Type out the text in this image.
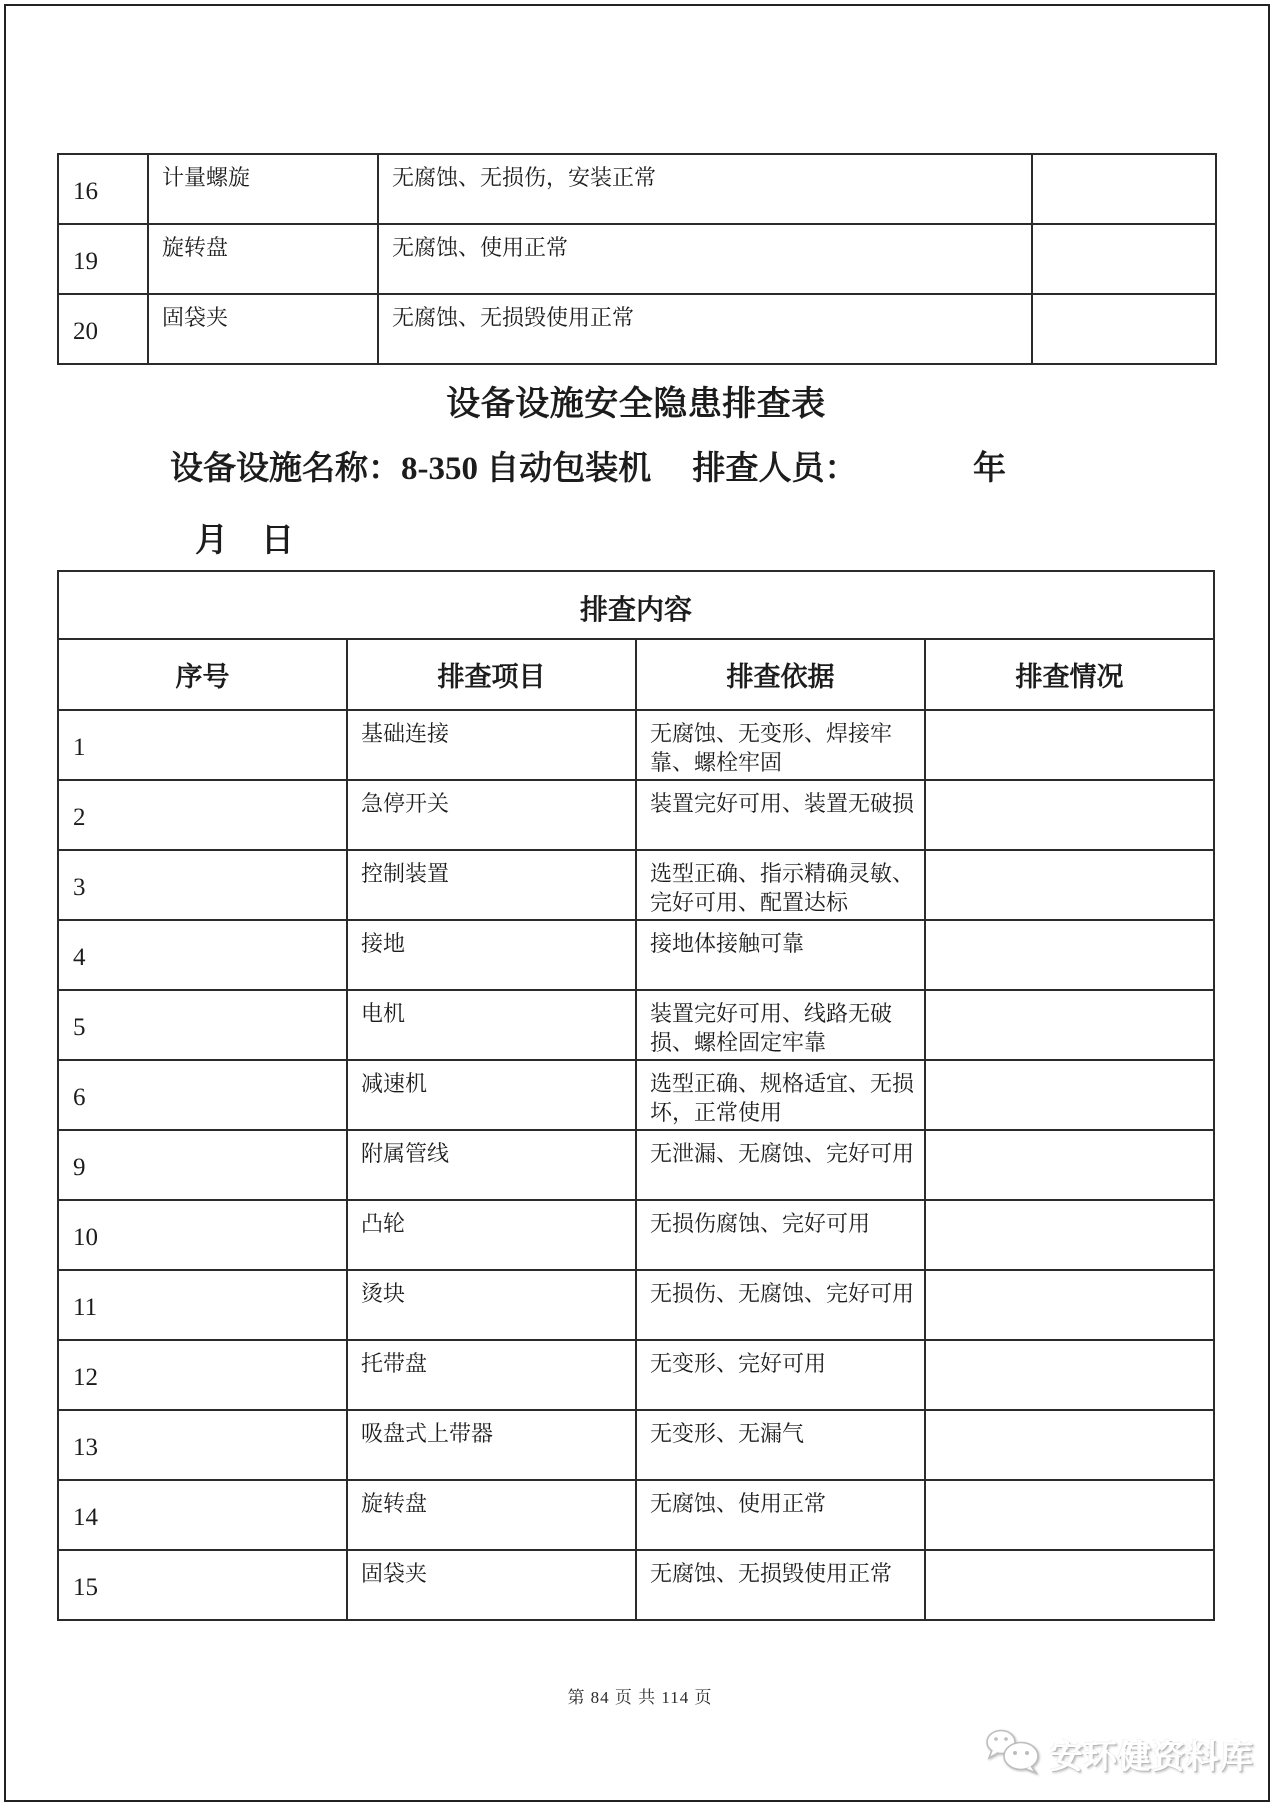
16	计量螺旋	无腐蚀、无损伤，安装正常	
19	旋转盘	无腐蚀、使用正常	
20	固袋夹	无腐蚀、无损毁使用正常	
设备设施安全隐患排查表
设备设施名称：8-350 自动包装机　 排查人员：　　　　年
月　日
排查内容			
序号	排查项目	排查依据	排查情况
1	基础连接	无腐蚀、无变形、焊接牢靠、螺栓牢固	
2	急停开关	装置完好可用、装置无破损	
3	控制装置	选型正确、指示精确灵敏、完好可用、配置达标	
4	接地	接地体接触可靠	
5	电机	装置完好可用、线路无破损、螺栓固定牢靠	
6	减速机	选型正确、规格适宜、无损坏，正常使用	
9	附属管线	无泄漏、无腐蚀、完好可用	
10	凸轮	无损伤腐蚀、完好可用	
11	烫块	无损伤、无腐蚀、完好可用	
12	托带盘	无变形、完好可用	
13	吸盘式上带器	无变形、无漏气	
14	旋转盘	无腐蚀、使用正常	
15	固袋夹	无腐蚀、无损毁使用正常	
第 84 页 共 114 页
安环健资料库
